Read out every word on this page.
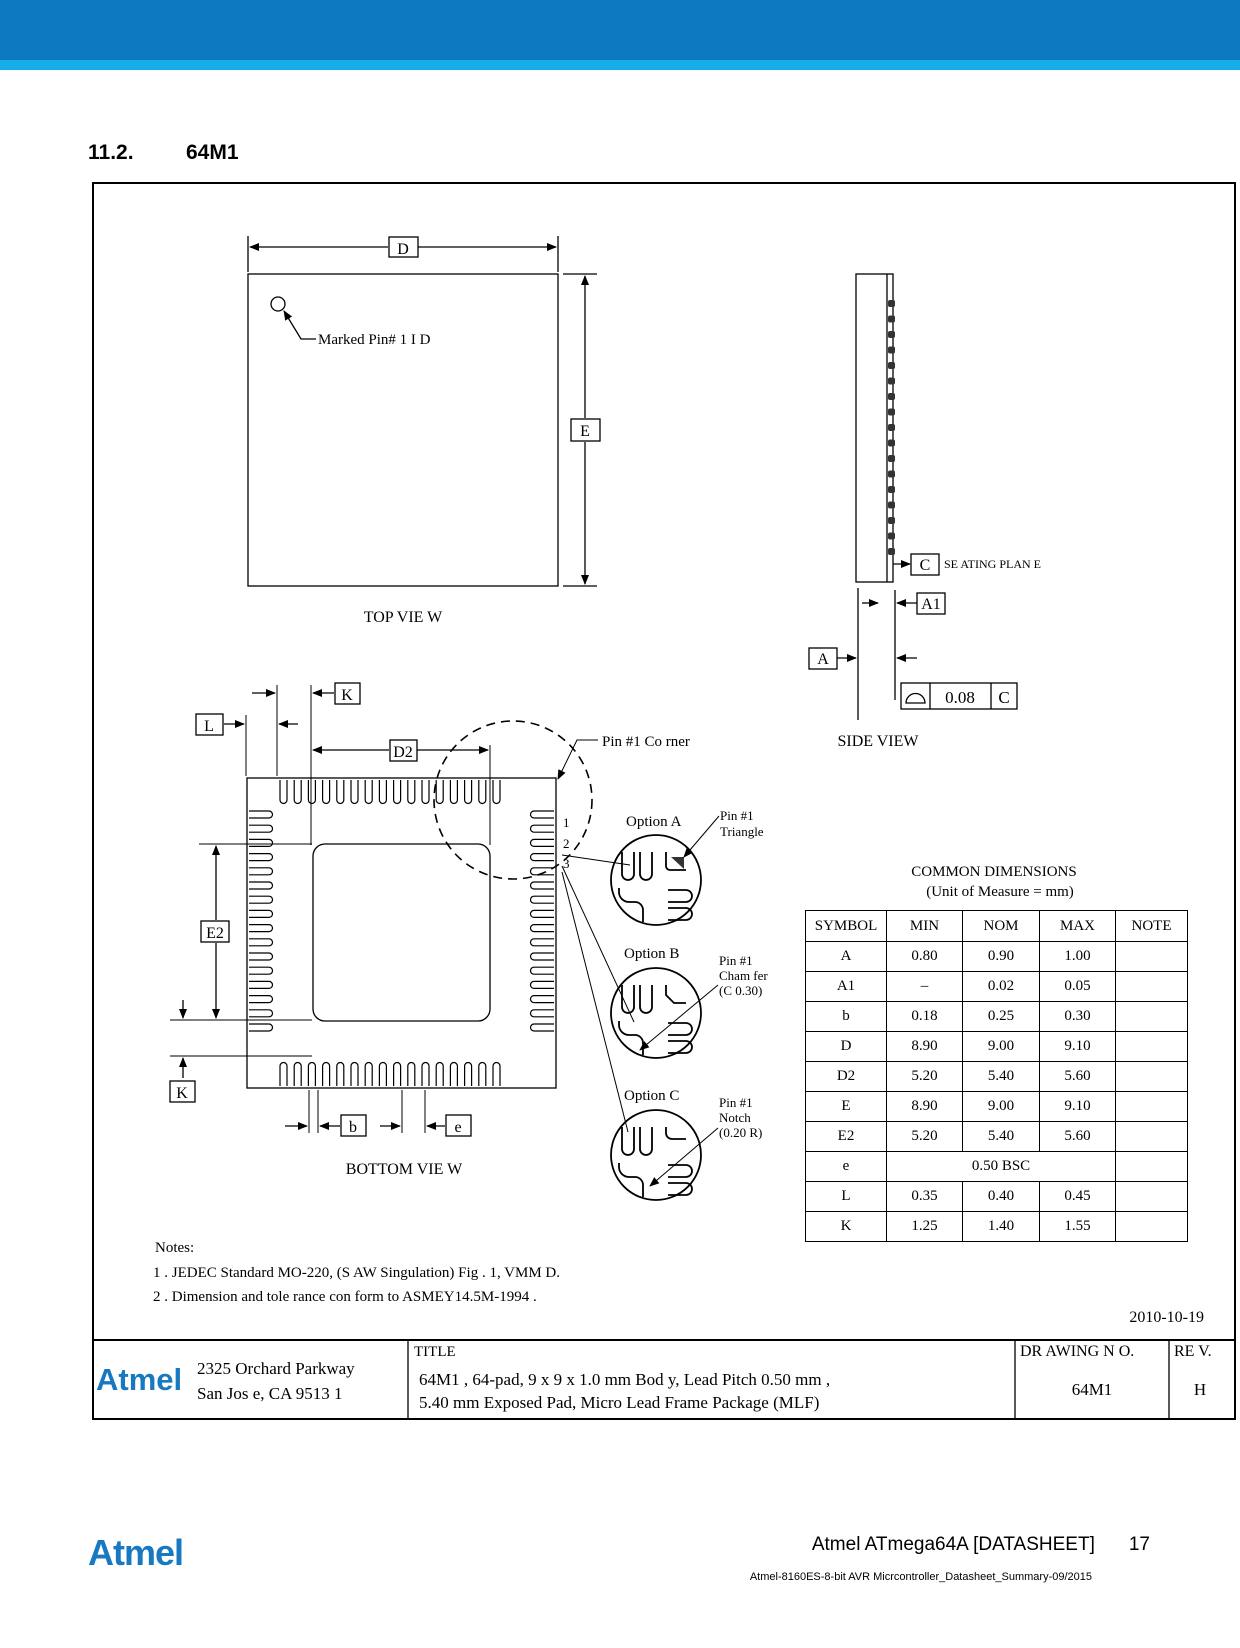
11.2. 64M1
D
E
Marked Pin# 1 I D
TOP VIE W
C SE ATING PLAN E
A1
A
0.08 C
SIDE VIEW
K
L
D2
E2
K
b	e
Pin #1 Co rner
1
2
3
BOTTOM VIE W
Option A	Pin #1
Triangle
Option B	Pin #1
Cham fer
(C 0.30)
Option C	Pin #1
Notch
(0.20 R)
COMMON DIMENSIONS
(Unit of Measure = mm)
Notes:
1 . JEDEC Standard MO-220, (S AW Singulation) Fig . 1, VMM D.
2 . Dimension and tole rance con form to ASMEY14.5M-1994 .
2010-10-19
Atmel 2325 Orchard Parkway
San Jos e, CA 9513 1
TITLE
64M1 , 64-pad, 9 x 9 x 1.0 mm Bod y, Lead Pitch 0.50 mm ,
5.40 mm Exposed Pad, Micro Lead Frame Package (MLF)
DR AWING N O.
64M1
RE V.
H
SYMBOL	MIN	NOM	MAX	NOTE
A	0.80	0.90	1.00	
A1	–	0.02	0.05	
b	0.18	0.25	0.30	
D	8.90	9.00	9.10	
D2	5.20	5.40	5.60	
E	8.90	9.00	9.10	
E2	5.20	5.40	5.60	
e	0.50 BSC			
L	0.35	0.40	0.45	
K	1.25	1.40	1.55	
Atmel	Atmel ATmega64A [DATASHEET] 17
Atmel-8160ES-8-bit AVR Micrcontroller_Datasheet_Summary-09/2015
